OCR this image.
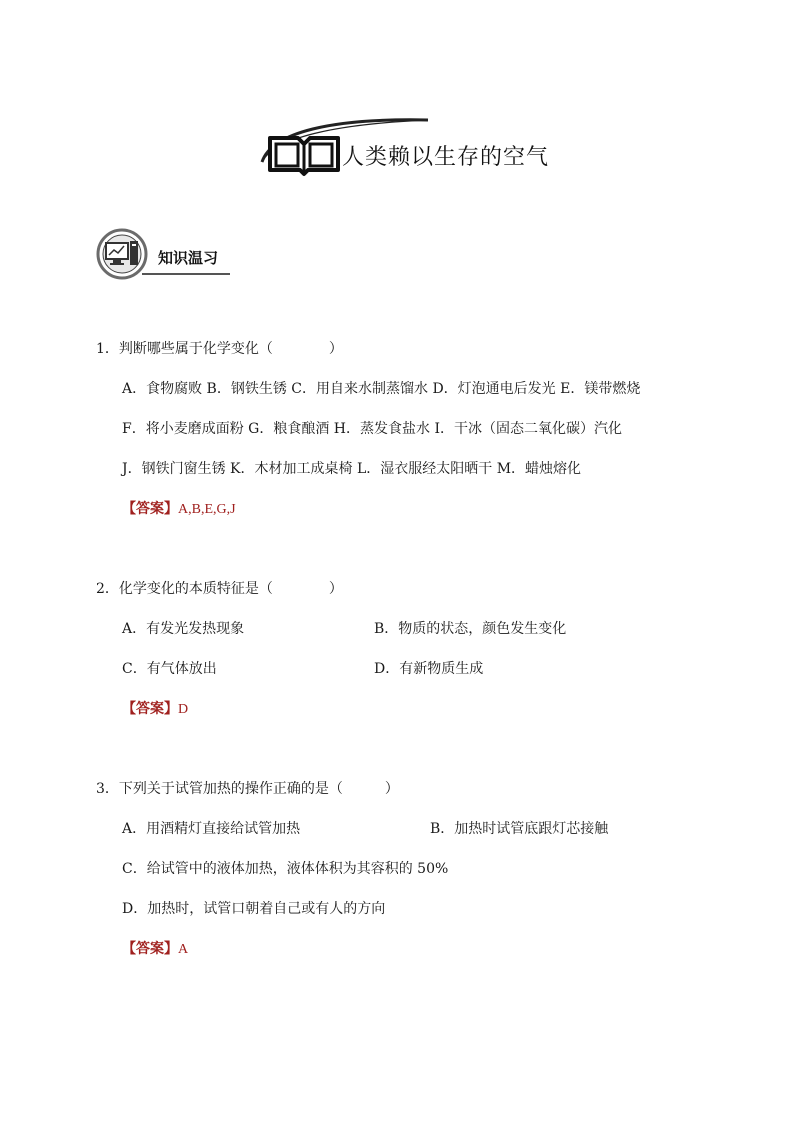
人类赖以生存的空气
知识温习
1．判断哪些属于化学变化（　　　　）
A．食物腐败 B．钢铁生锈 C．用自来水制蒸馏水 D．灯泡通电后发光 E．镁带燃烧
F．将小麦磨成面粉 G．粮食酿酒 H．蒸发食盐水 I．干冰（固态二氧化碳）汽化
J．钢铁门窗生锈 K．木材加工成桌椅 L．湿衣服经太阳晒干 M．蜡烛熔化
【答案】A,B,E,G,J
2．化学变化的本质特征是（　　　　）
A．有发光发热现象	B．物质的状态，颜色发生变化
C．有气体放出	D．有新物质生成
【答案】D
3．下列关于试管加热的操作正确的是（　　　）
A．用酒精灯直接给试管加热	B．加热时试管底跟灯芯接触
C．给试管中的液体加热，液体体积为其容积的 50%
D．加热时，试管口朝着自己或有人的方向
【答案】A
